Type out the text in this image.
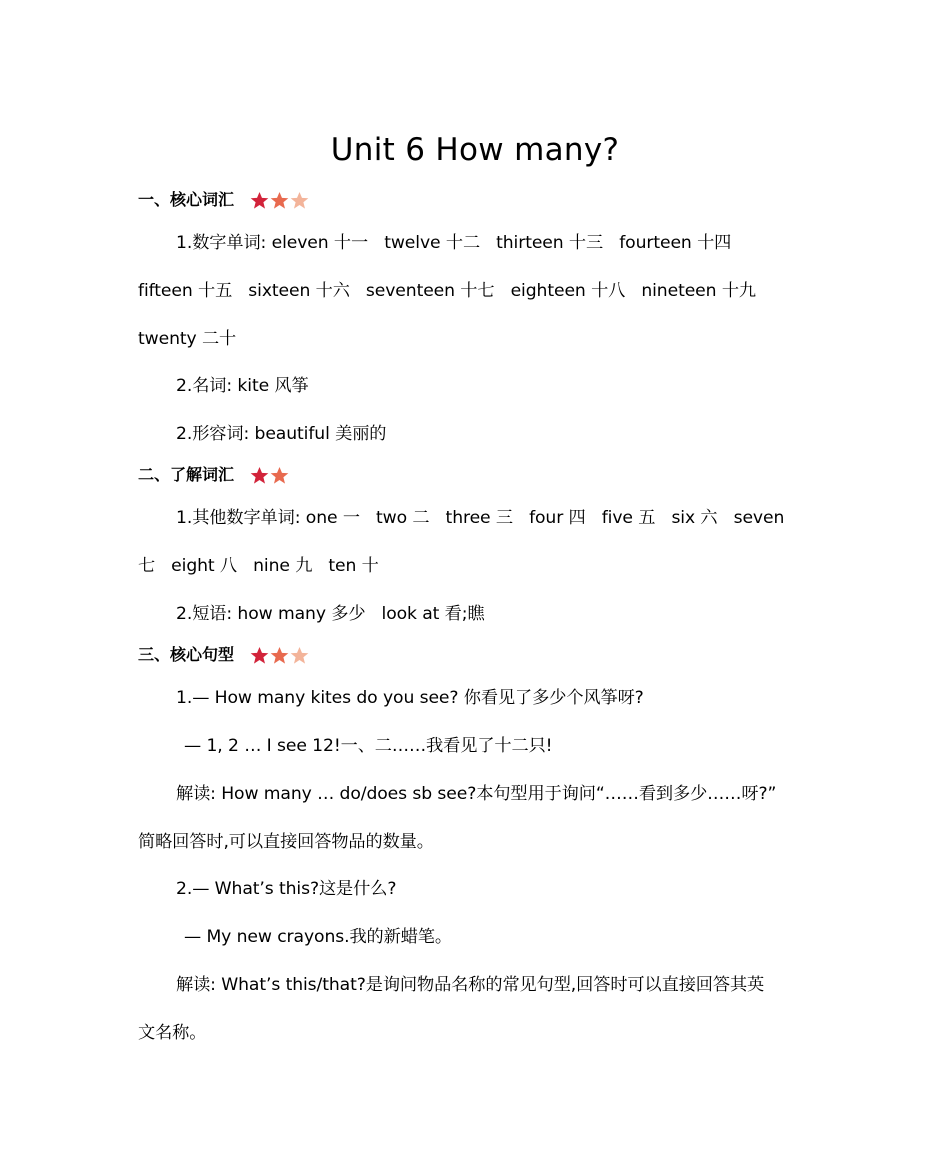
Unit 6 How many?
一、核心词汇
1.数字单词: eleven 十一   twelve 十二   thirteen 十三   fourteen 十四
fifteen 十五   sixteen 十六   seventeen 十七   eighteen 十八   nineteen 十九
twenty 二十
2.名词: kite 风筝
2.形容词: beautiful 美丽的
二、了解词汇
1.其他数字单词: one 一   two 二   three 三   four 四   five 五   six 六   seven
七   eight 八   nine 九   ten 十
2.短语: how many 多少   look at 看;瞧
三、核心句型
1.— How many kites do you see? 你看见了多少个风筝呀?
— 1, 2 … I see 12!一、二……我看见了十二只!
解读: How many … do/does sb see?本句型用于询问“……看到多少……呀?”
简略回答时,可以直接回答物品的数量。
2.— What’s this?这是什么?
— My new crayons.我的新蜡笔。
解读: What’s this/that?是询问物品名称的常见句型,回答时可以直接回答其英
文名称。
